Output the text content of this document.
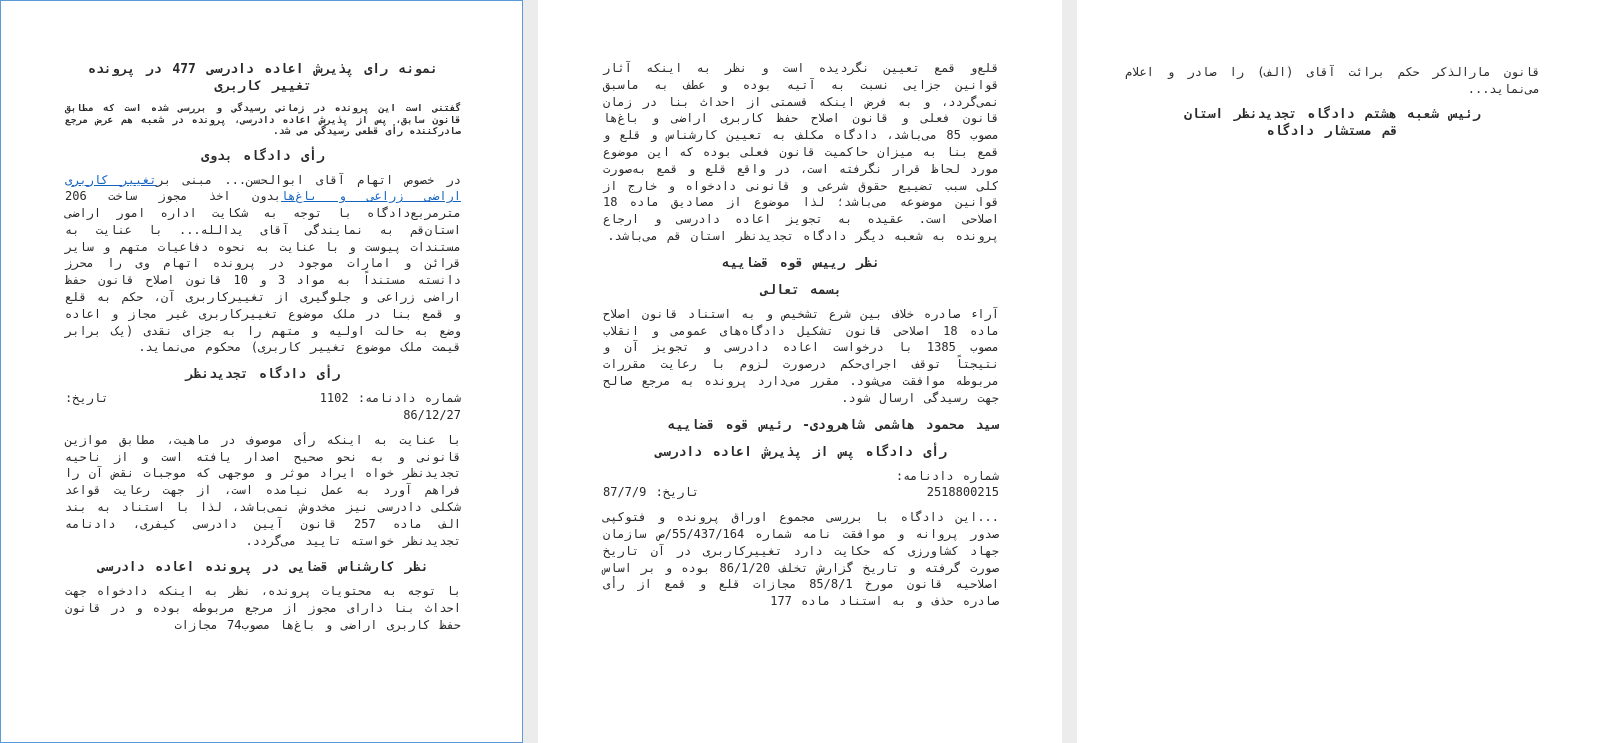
نمونه رای پذیرش اعاده دادرسی 477 در پرونده تغییر کاربری
گفتنی است این پرونده در زمانی رسیدگی و بررسی شده است که مطابق قانون سابق، پس از پذیرش اعاده دادرسی، پرونده در شعبه هم عرض مرجع صادرکننده رأی قطعی رسیدگی می شد.
رأی دادگاه بدوی

در خصوص اتهام آقای ابوالحسن... مبنی برتغییر کاربری اراضی زراعی و باغ‌هابدون اخذ مجوز ساخت 206 مترمربع‌دادگاه با توجه به شکایت اداره امور اراضی استان‌قم به نمایندگی آقای یدالله... با عنایت به مستندات پیوست و با عنایت به نحوه دفاعیات متهم و سایر قرائن و امارات موجود در پرونده اتهام وی را محرز دانسته مستنداً به مواد 3 و 10 قانون اصلاح قانون حفظ اراضی زراعی و جلوگیری از تغییرکاربری آن، حکم به قلع و قمع بنا در ملک موضوع تغییرکاربری غیر مجاز و اعاده وضع به حالت اولیه و متهم را به جزای نقدی (یک برابر قیمت ملک موضوع تغییر کاربری) محکوم می‌نماید.

رأی دادگاه تجدیدنظر
شماره دادنامه: 1102
تاریخ:

86/12/27

با عنایت به اینکه رأی موصوف در ماهیت، مطابق موازین قانونی و به نحو صحیح اصدار یافته است و از ناحیه تجدیدنظر خواه ایراد موثر و موجهی که موجبات نقض آن را فراهم آورد به عمل نیامده است، از جهت رعایت قواعد شکلی دادرسی نیز مخدوش نمی‌باشد، لذا با استناد به بند الف ماده 257 قانون آیین دادرسی کیفری، دادنامه تجدیدنظر خواسته تایید می‌گردد.

نظر کارشناس قضایی در پرونده اعاده دادرسی

با توجه به محتویات پرونده، نظر به اینکه دادخواه جهت احداث بنا دارای مجوز از مرجع مربوطه بوده و در قانون حفظ کاربری اراضی و باغ‌ها مصوب74 مجازات

قلع‌و قمع تعیین نگردیده است و نظر به اینکه آثار قوانین جزایی نسبت به آتیه بوده و عطف به ماسبق نمی‌گردد، و به فرض اینکه قسمتی از احداث بنا در زمان قانون فعلی و قانون اصلاح حفظ کاربری اراضی و باغ‌ها مصوب 85 می‌باشد، دادگاه مکلف به تعیین کارشناس و قلع و قمع بنا به میزان حاکمیت قانون فعلی بوده که این موضوع مورد لحاظ قرار نگرفته است، در واقع قلع و قمع به‌صورت کلی سبب تضییع حقوق شرعی و قانونی دادخواه و خارج از قوانین موضوعه می‌باشد؛ لذا موضوع از مصادیق ماده 18 اصلاحی است. عقیده به تجویز اعاده دادرسی و ارجاع پرونده به شعبه دیگر دادگاه تجدیدنظر استان قم می‌باشد.

نظر رییس قوه قضاییه
بسمه تعالی

آراء صادره خلاف بین شرع تشخیص و به استناد قانون اصلاح ماده 18 اصلاحی قانون تشکیل دادگاه‌های عمومی و انقلاب مصوب 1385 با درخواست اعاده دادرسی و تجویز آن و نتیجتاً توقف اجرای‌حکم درصورت لزوم با رعایت مقررات مربوطه موافقت می‌شود. مقرر می‌دارد پرونده به مرجع صالح جهت رسیدگی ارسال شود.

سید محمود هاشمی شاهرودی- رئیس قوه قضاییه
رأی دادگاه پس از پذیرش اعاده دادرسی
شماره دادنامه:
2518800215
تاریخ: 87/7/9

...این دادگاه با بررسی مجموع اوراق پرونده و فتوکپی صدور پروانه و موافقت نامه شماره 55/437/164/ص سازمان جهاد کشاورزی که حکایت دارد تغییرکاربری در آن تاریخ صورت گرفته و تاریخ گزارش تخلف 86/1/20 بوده و بر اساس اصلاحیه قانون مورخ 85/8/1 مجازات قلع و قمع از رأی صادره حذف و به استناد ماده 177

قانون مارالذکر حکم برائت آقای (الف) را صادر و اعلام می‌نماید...

رئیس شعبه هشتم دادگاه تجدیدنظر استان
قم مستشار دادگاه
